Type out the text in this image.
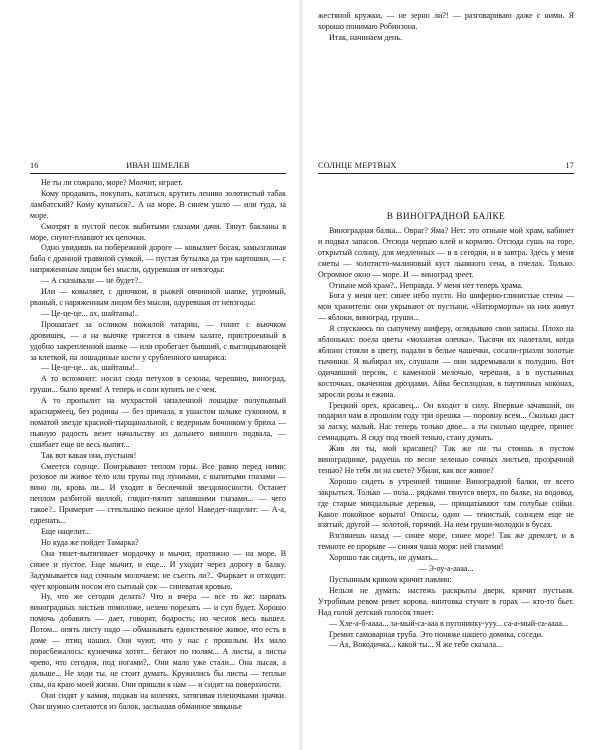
16	ИВАН ШМЕЛЕВ

Не ты ли сожрало, море? Молчит, играет.

Кому продавать, покупать, кататься, крутить лениво золотистый табак ламбатский? Кому купаться?.. А на море. В синем ушло — или туда, за море.

Смотрят в пустой песок выбитыми глазами дачи. Тянут бакланы в море, снуют-плавают их цепочки.

Одно увидишь на побережной дороге — ковыляет босая, замызганная баба с дранной травяной сумкой, — пустая бутылка да три картошки, — с напряженным лицом без мысли, одуревшая от невзгоды:

— А сказывали — не будет?..

Или — ковыляет, с дрючком, в рыжей овчинной шапке, угрюмый, рваный, с наряженным лицом без мысли, одуревшая от невзгоды:

— Це-це-це... ах, шайтаны!..

Прошагает за осликом пожилой татарин, — гонит с вьючком дровишек, — а на вьючке трясется в синем халате, пристроенный в удобно закрепленной шапке — или пробегает бывший, с выглядывающей за клеткой, на лошадиные кости у срубленного кипариса:

— Це-це-це... ах, шайтаны!..

А то вспомнит: носил сюда петухов в сезоны, черешню, виноград, груши... было время! А теперь и соли купить не с чем.

А то пропылит на мухрастой запаленной лошадке полупьяный краснармеец, без родины — без причала, в ушастом шлыке суконном, в поматой звезде красной-тырщанальной, с ведерным бочонком у брюха — пьяную радость везет начальству из дальнего винного подвала, — сшибает еще не весь выпит...

Так вот какая она, пустыня!

Смеется солнце. Поигрывают теплом горы. Все равно перед ними: розовое ли живое тело или трупы под лунными, с выпитыми глазами — вино ли, кровь ли... И уходит в беспечной звездоносности. Останет пеплом разбитой виллой, глядит-пялит запавшими глазами... — чего такое?.. Примерит — стеклышко нежное цело! Наведет-нацелит: — А-а, едренать...

Еще нацелит...

Но куда же пойдет Тамарка?

Она тянет-вытягивает мордочку и мычит, протяжно — на море. В синее и пустое. Еще мычит, и еще... И уходит через дорогу в балку. Задумывается над сочным молочаем: не съесть ли?.. Фыркает и отходит: чует коровьим носом его сытный сок — синеватая кровью.

Ну, что же сегодня делать? Что и вчера — все то же: нарвать виноградных листьев помоложе, нелею порезать — и суп будет. Хорошо помочь добавить — дает, говорят, бодрость; но чеснок весь вышел. Потом... опять листу надо — обманывать единственное живое, что есть в доме — птиц наших. Они чуют, что у нас с прошлым. Их мало порасбежалось: кузнечика хотят... бегают по полям... А листы, а листы чрево, что сегодня, под ногами?.. Они мало уже стали... Она лысая, а дальше... Не ходи ты, не стоит думать. Кружились бы листы — теплые сны, на краю моей жизни. Они пришли к нам — и сидят на поверхности.

Они сидят у камня, поджав на коленях, затягивая пленочками зрачки. Они шумно слетаются из балок, заслышав обманное звяканье

жестяной кружки, — не зерно ли?! — разговариваю даже с ними. Я хорошо понимаю Робинзона.

Итак, начинаем день.

СОЛНЦЕ МЕРТВЫХ	17
В ВИНОГРАДНОЙ БАЛКЕ

Виноградная балка... Овраг? Яма? Нет: это отныне мой храм, кабинет и подвал запасов. Отсюда черпаю клей и кормлю. Отсюда сушь на горе, открытый солнцу, для медленных — и в сегодня, и в завтра. Здесь у меня сметы — золотисто-малиновый куст льняного сена, в пчелах. Только. Огромное окно — море. И — виноград зреет.

Отныне мой храм?.. Неправда. У меня нет теперь храма.

Бога у меня нет: синее небо пусто. Но шиферно-глинистые стены — мои хранители: они укрывают от пустыни. «Натюрморты» на них живут — яблоки, виноград, груши...

Я спускаюсь по сыпучему шиферу, оглядываю свои запасы. Плохо на яблоньках: поела цветы «мохнатая оленка». Тысячи их налетали, когда яблони стояли в цвету, падали в белые чашечки, сосали-грызли золотые тычинки. Я выбирал их, слушали — они задремывали к полудню. Вот одичавший персик, с каменной мелочью, черешня, а в пустынных косточках, окаченная дроздами. Айва бесплодная, в паутинных коконах, заросли розы и ежина.

Грецкий орех, красавец... Он входит в силу. Впервые зачавший, он подарил нам в прошлом году три орешка — поровну всем... Сколько даст за ласку, малый. Нас теперь только двое... а ты сколько щедрее, принес семнадцать. Я сяду под твоей тенью, стану думать.

Жив ли ты, мой красавец? Так же ли ты стоишь в пустом винограднике, радуешь по весне зеленью сочных листьев, прозрачной тенью? Не тебя ли на свете? Убили, как все живое?

Хорошо сидеть в утренней тишине Виноградной балки, от всего закрыться. Только — поза... рядками тянутся вверх, по балке, на водовод, где старые миндальные деревья, — прищатывают там голубые сойки. Какое покойное корыто! Откосы, один — тенистый, солнцем еще не взятый; другой — золотой, горячий. На нем груши-молодки в бусах.

Взглянешь назад — синее море, синее море! Так же дремлет, и в темноте ее прорыве — синяя чаша моря: ней глазами!

Хорошо так сидеть, не думать...

— Э-оу-а-аааа...

Пустынным криком кричит павлин:

Нельзя не думать: настежь раскрыты двери, кричит пустыня. Утробным ревом ревет корова, винтовка стучит в горах — кто-то бьет. Над голой детский голосок тянет:

— Хле-а-б-аааа... за-мый-са-ааа в пугонинку-ууу... са-а-мый-са-аааа...

Гремит самоварная труба. Это поняже нашего домика, соседи.

— Ах, Вокодичка... какой ты... Я же тебе сказала...
